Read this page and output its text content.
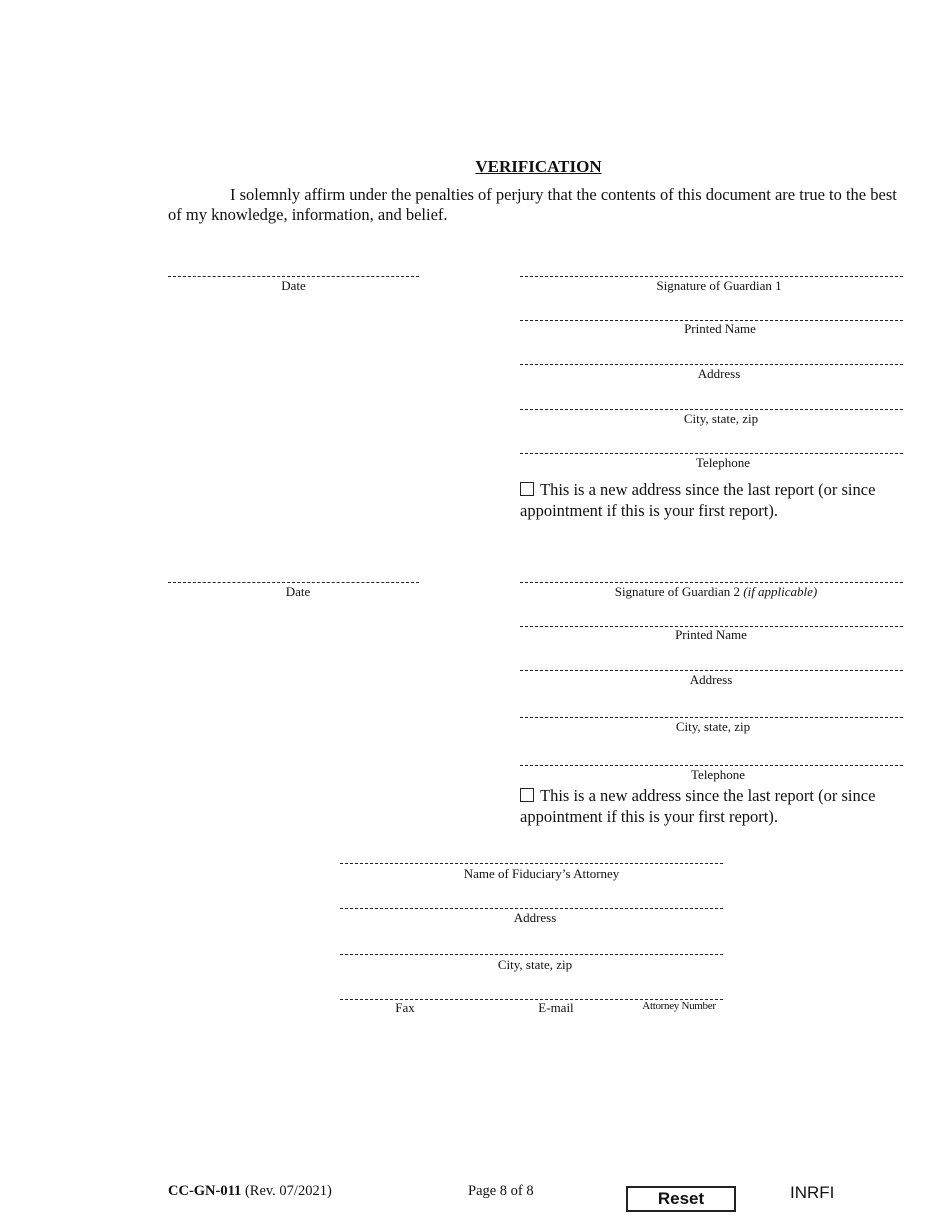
VERIFICATION
I solemnly affirm under the penalties of perjury that the contents of this document are true to the best of my knowledge, information, and belief.
Date	Signature of Guardian 1
Printed Name
Address
City, state, zip
Telephone
This is a new address since the last report (or since appointment if this is your first report).
Date	Signature of Guardian 2 (if applicable)
Printed Name
Address
City, state, zip
Telephone
This is a new address since the last report (or since appointment if this is your first report).
Name of Fiduciary’s Attorney
Address
City, state, zip
Fax	E-mail	Attorney Number
CC-GN-011 (Rev. 07/2021)	Page 8 of 8	Reset	INRFI
